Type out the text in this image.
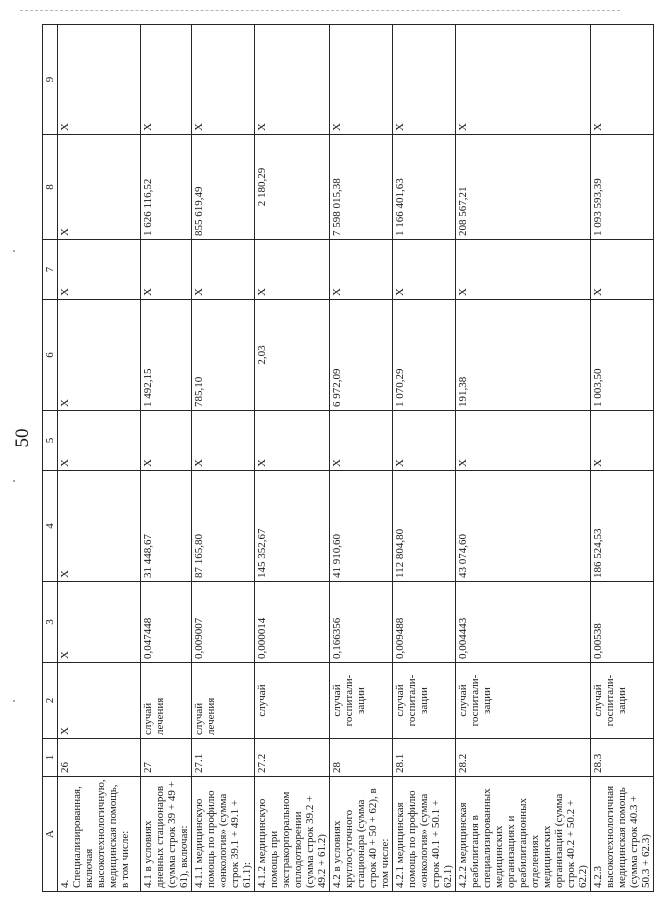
50
A	1	2	3	4	5	6	7	8	9
4. Специализированная, включая высокотехнологичную, медицинская помощь, в том числе:	26	X	X	X	X	X	X	X	X
4.1 в условиях дневных стационаров (сумма строк 39 + 49 + 61), включая:	27	случай лечения	0,047448	31 448,67	X	1 492,15	X	1 626 116,52	X
4.1.1 медицинскую помощь по профилю «онкология» (сумма строк 39.1 + 49.1 + 61.1):	27.1	случай лечения	0,009007	87 165,80	X	785,10	X	855 619,49	X
4.1.2 медицинскую помощь при экстракорпоральном оплодотворении (сумма строк 39.2 + 49.2 + 61.2)	27.2	случай	0,000014	145 352,67	X	2,03	X	2 180,29	X
4.2 в условиях круглосуточного стационара (сумма строк 40 + 50 + 62), в том числе:	28	случай госпитали-зации	0,166356	41 910,60	X	6 972,09	X	7 598 015,38	X
4.2.1 медицинская помощь по профилю «онкология» (сумма строк 40.1 + 50.1 + 62.1)	28.1	случай госпитали-зации	0,009488	112 804,80	X	1 070,29	X	1 166 401,63	X
4.2.2 медицинская реабилитация в специализированных медицинских организациях и реабилитационных отделениях медицинских организаций (сумма строк 40.2 + 50.2 + 62.2)	28.2	случай госпитали-зации	0,004443	43 074,60	X	191,38	X	208 567,21	X
4.2.3 высокотехнологичная медицинская помощь (сумма строк 40.3 + 50.3 + 62.3)	28.3	случай госпитали-зации	0,00538	186 524,53	X	1 003,50	X	1 093 593,39	X
